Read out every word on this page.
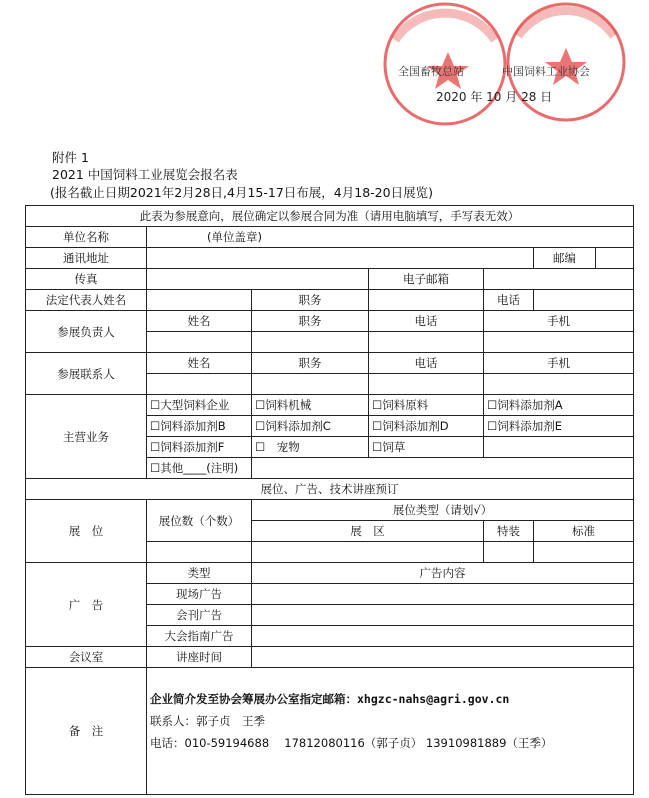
全国畜牧总站	中国饲料工业协会
2020 年 10 月 28 日
附件 1
2021 中国饲料工业展览会报名表
(报名截止日期2021年2月28日,4月15-17日布展，4月18-20日展览)
此表为参展意向，展位确定以参展合同为准（请用电脑填写，手写表无效）						
单位名称	(单位盖章)					
通讯地址					邮编	
传真			电子邮箱			
法定代表人姓名		职务		电话		
参展负责人	姓名	职务	电话	手机		

参展联系人	姓名	职务	电话	手机		

主营业务	☐大型饲料企业	☐饲料机械	☐饲料原料	☐饲料添加剂A		
	☐饲料添加剂B	☐饲料添加剂C	☐饲料添加剂D	☐饲料添加剂E		
	☐饲料添加剂F	☐　宠物	☐饲草			
	☐其他____(注明)					
展位、广告、技术讲座预订						
展　位	展位数（个数）	展位类型（请划√）				
		展　区		特装	标准	

广　告	类型	广告内容				
	现场广告					
	会刊广告					
	大会指南广告					
会议室	讲座时间					
备　注	企业简介发至协会筹展办公室指定邮箱：xhgzc-nahs@agri.gov.cn
联系人：郭子贞　王季
电话：010-59194688　 17812080116（郭子贞） 13910981889（王季）					
